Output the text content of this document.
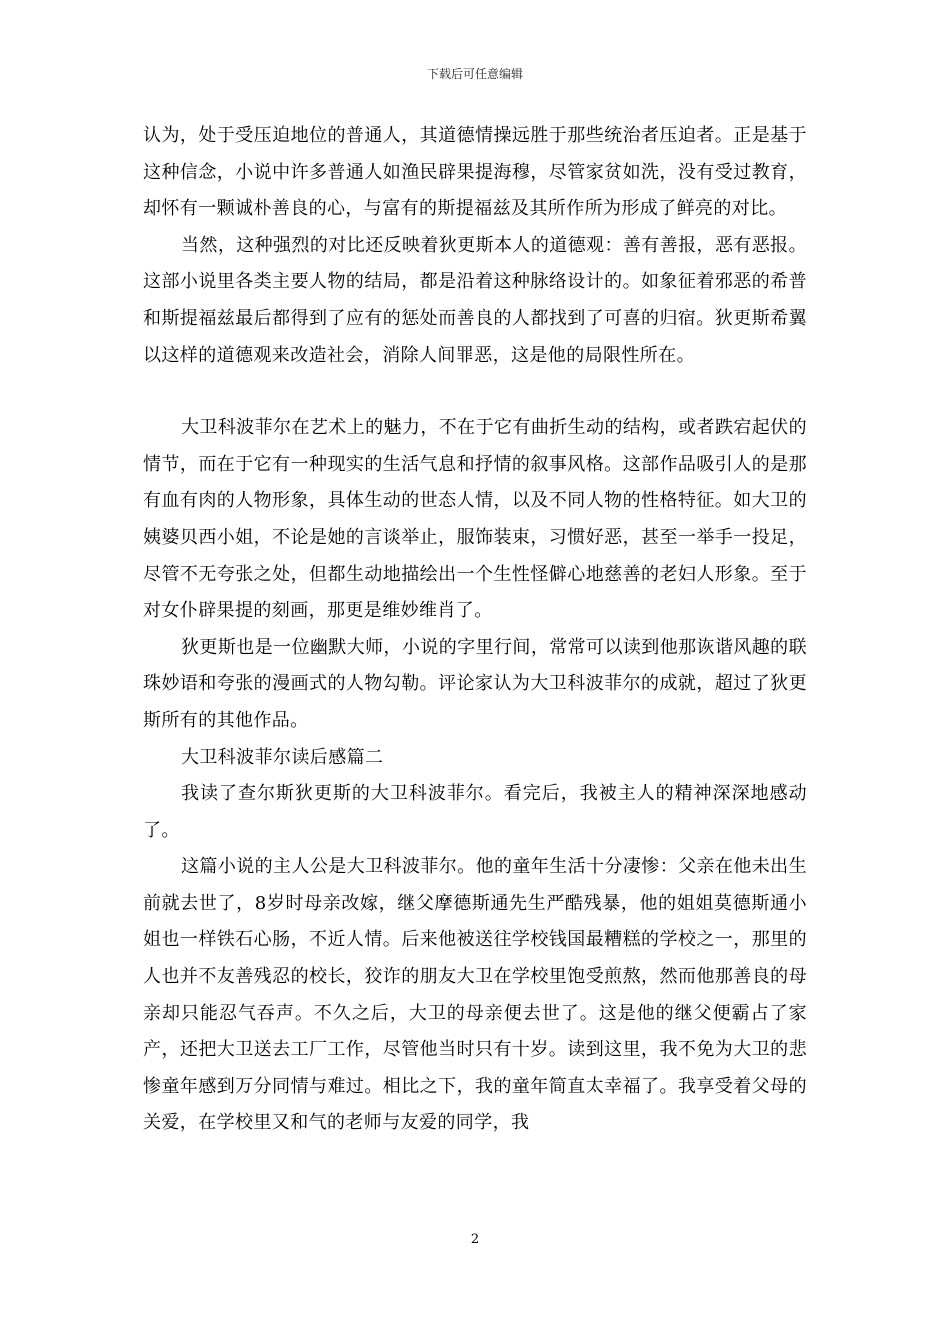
下载后可任意编辑

认为，处于受压迫地位的普通人，其道德情操远胜于那些统治者压迫者。正是基于这种信念，小说中许多普通人如渔民辟果提海穆，尽管家贫如洗，没有受过教育，却怀有一颗诚朴善良的心，与富有的斯提福兹及其所作所为形成了鲜亮的对比。

当然，这种强烈的对比还反映着狄更斯本人的道德观：善有善报，恶有恶报。这部小说里各类主要人物的结局，都是沿着这种脉络设计的。如象征着邪恶的希普和斯提福兹最后都得到了应有的惩处而善良的人都找到了可喜的归宿。狄更斯希翼以这样的道德观来改造社会，消除人间罪恶，这是他的局限性所在。

大卫科波菲尔在艺术上的魅力，不在于它有曲折生动的结构，或者跌宕起伏的情节，而在于它有一种现实的生活气息和抒情的叙事风格。这部作品吸引人的是那有血有肉的人物形象，具体生动的世态人情，以及不同人物的性格特征。如大卫的姨婆贝西小姐，不论是她的言谈举止，服饰装束，习惯好恶，甚至一举手一投足，尽管不无夸张之处，但都生动地描绘出一个生性怪僻心地慈善的老妇人形象。至于对女仆辟果提的刻画，那更是维妙维肖了。

狄更斯也是一位幽默大师，小说的字里行间，常常可以读到他那诙谐风趣的联珠妙语和夸张的漫画式的人物勾勒。评论家认为大卫科波菲尔的成就，超过了狄更斯所有的其他作品。

大卫科波菲尔读后感篇二

我读了查尔斯狄更斯的大卫科波菲尔。看完后，我被主人的精神深深地感动了。

这篇小说的主人公是大卫科波菲尔。他的童年生活十分凄惨：父亲在他未出生前就去世了，8岁时母亲改嫁，继父摩德斯通先生严酷残暴，他的姐姐莫德斯通小姐也一样铁石心肠，不近人情。后来他被送往学校钱国最糟糕的学校之一，那里的人也并不友善残忍的校长，狡诈的朋友大卫在学校里饱受煎熬，然而他那善良的母亲却只能忍气吞声。不久之后，大卫的母亲便去世了。这是他的继父便霸占了家产，还把大卫送去工厂工作，尽管他当时只有十岁。读到这里，我不免为大卫的悲惨童年感到万分同情与难过。相比之下，我的童年简直太幸福了。我享受着父母的关爱，在学校里又和气的老师与友爱的同学，我

2
